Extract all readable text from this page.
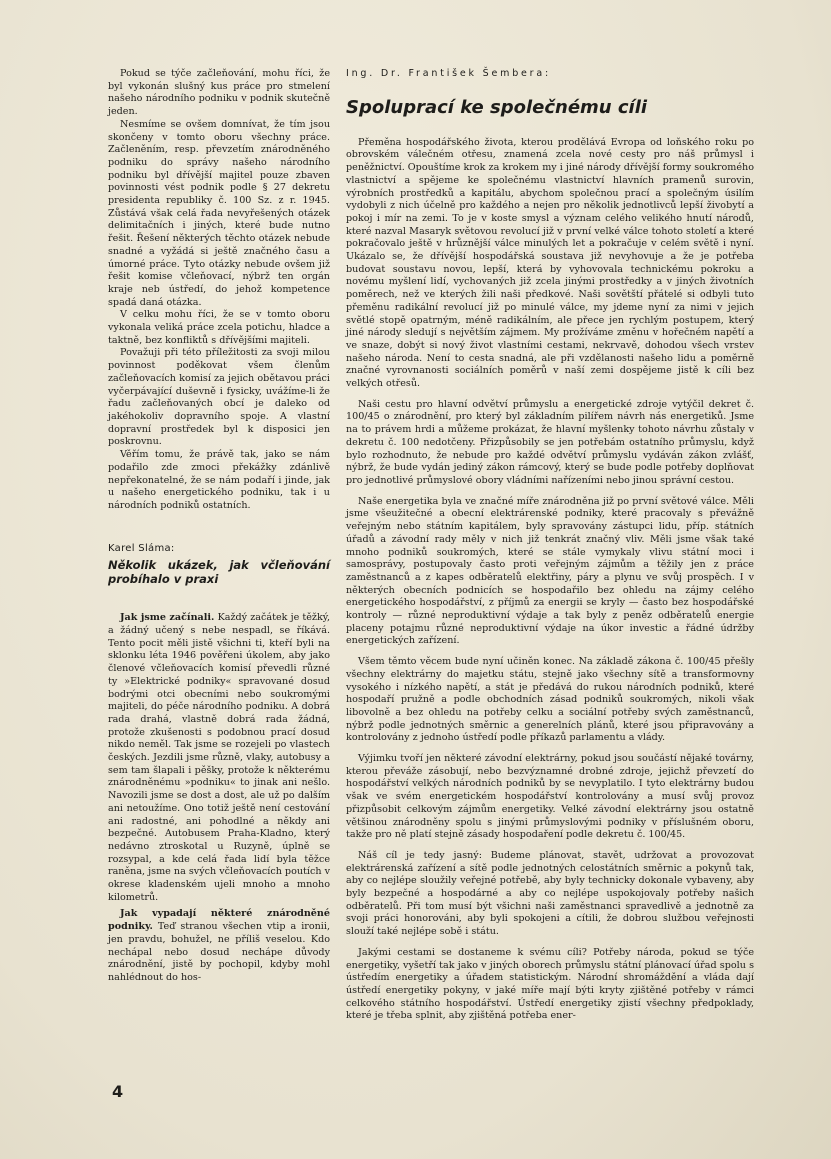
Pokud se týče začleňování, mohu říci, že byl vykonán slušný kus práce pro stmelení našeho národního podniku v podnik skutečně jeden.

Nesmíme se ovšem domnívat, že tím jsou skončeny v tomto oboru všechny práce. Začleněním, resp. převzetím znárodněného podniku do správy našeho národního podniku byl dřívější majitel pouze zbaven povinnosti vést podnik podle § 27 dekretu presidenta republiky č. 100 Sz. z r. 1945. Zůstává však celá řada nevyřešených otázek delimitačních i jiných, které bude nutno řešit. Řešení některých těchto otázek nebude snadné a vyžádá si ještě značného času a úmorné práce. Tyto otázky nebude ovšem již řešit komise včleňovací, nýbrž ten orgán kraje neb ústředí, do jehož kompetence spadá daná otázka.

V celku mohu říci, že se v tomto oboru vykonala veliká práce zcela potichu, hladce a taktně, bez konfliktů s dřívějšími majiteli.

Považuji při této příležitosti za svoji milou povinnost poděkovat všem členům začleňovacích komisí za jejich obětavou práci vyčerpávající duševně i fysicky, uvážíme-li že řadu začleňovaných obcí je daleko od jakéhokoliv dopravního spoje. A vlastní dopravní prostředek byl k disposici jen poskrovnu.

Věřím tomu, že právě tak, jako se nám podařilo zde zmoci překážky zdánlivě nepřekonatelné, že se nám podaří i jinde, jak u našeho energetického podniku, tak i u národních podniků ostatních.

Karel Sláma:
Několik ukázek, jak včleňování probíhalo v praxi

Jak jsme začínali. Každý začátek je těžký, a žádný učený s nebe nespadl, se říkává. Tento pocit měli jistě všichni ti, kteří byli na sklonku léta 1946 pověřeni úkolem, aby jako členové včleňovacích komisí převedli různé ty »Elektrické podniky« spravované dosud bodrými otci obecními nebo soukromými majiteli, do péče národního podniku. A dobrá rada drahá, vlastně dobrá rada žádná, protože zkušenosti s podobnou prací dosud nikdo neměl. Tak jsme se rozejeli po vlastech českých. Jezdili jsme různě, vlaky, autobusy a sem tam šlapali i pěšky, protože k některému znárodněnému »podniku« to jinak ani nešlo. Navozili jsme se dost a dost, ale už po dalším ani netoužíme. Ono totiž ještě není cestování ani radostné, ani pohodlné a někdy ani bezpečné. Autobusem Praha-Kladno, který nedávno ztroskotal u Ruzyně, úplně se rozsypal, a kde celá řada lidí byla těžce raněna, jsme na svých včleňovacích poutích v okrese kladenském ujeli mnoho a mnoho kilometrů.

Jak vypadají některé znárodněné podniky. Teď stranou všechen vtip a ironii, jen pravdu, bohužel, ne příliš veselou. Kdo nechápal nebo dosud nechápe důvody znárodnění, jistě by pochopil, kdyby mohl nahlédnout do hos-

Ing. Dr. František Šembera:
Spoluprací ke společnému cíli

Přeměna hospodářského života, kterou prodělává Evropa od loňského roku po obrovském válečném otřesu, znamená zcela nové cesty pro náš průmysl i peněžnictví. Opouštíme krok za krokem my i jiné národy dřívější formy soukromého vlastnictví a spějeme ke společnému vlastnictví hlavních pramenů surovin, výrobních prostředků a kapitálu, abychom společnou prací a společným úsilím vydobyli z nich účelně pro každého a nejen pro několik jednotlivců lepší živobytí a pokoj i mír na zemi. To je v koste smysl a význam celého velikého hnutí národů, které nazval Masaryk světovou revolucí již v první velké válce tohoto století a které pokračovalo ještě v hrůznější válce minulých let a pokračuje v celém světě i nyní. Ukázalo se, že dřívější hospodářská soustava již nevyhovuje a že je potřeba budovat soustavu novou, lepší, která by vyhovovala technickému pokroku a novému myšlení lidí, vychovaných již zcela jinými prostředky a v jiných životních poměrech, než ve kterých žili naši předkové. Naši sovětští přátelé si odbyli tuto přeměnu radikální revolucí již po minulé válce, my jdeme nyní za nimi v jejich světlé stopě opatrným, méně radikálním, ale přece jen rychlým postupem, který jiné národy sledují s největším zájmem. My prožíváme změnu v hořečném napětí a ve snaze, dobýt si nový život vlastními cestami, nekrvavě, dohodou všech vrstev našeho národa. Není to cesta snadná, ale při vzdělanosti našeho lidu a poměrně značné vyrovnanosti sociálních poměrů v naší zemi dospějeme jistě k cíli bez velkých otřesů.

Naši cestu pro hlavní odvětví průmyslu a energetické zdroje vytýčil dekret č. 100/45 o znárodnění, pro který byl základním pilířem návrh nás energetiků. Jsme na to právem hrdi a můžeme prokázat, že hlavní myšlenky tohoto návrhu zůstaly v dekretu č. 100 nedotčeny. Přizpůsobily se jen potřebám ostatního průmyslu, když bylo rozhodnuto, že nebude pro každé odvětví průmyslu vydáván zákon zvlášť, nýbrž, že bude vydán jediný zákon rámcový, který se bude podle potřeby doplňovat pro jednotlivé průmyslové obory vládními nařízeními nebo jinou správní cestou.

Naše energetika byla ve značné míře znárodněna již po první světové válce. Měli jsme všeužitečné a obecní elektrárenské podniky, které pracovaly s převážně veřejným nebo státním kapitálem, byly spravovány zástupci lidu, příp. státních úřadů a závodní rady měly v nich již tenkrát značný vliv. Měli jsme však také mnoho podniků soukromých, které se stále vymykaly vlivu státní moci i samosprávy, postupovaly často proti veřejným zájmům a těžily jen z práce zaměstnanců a z kapes odběratelů elektřiny, páry a plynu ve svůj prospěch. I v některých obecních podnicích se hospodařilo bez ohledu na zájmy celého energetického hospodářství, z příjmů za energii se kryly — často bez hospodářské kontroly — různé neproduktivní výdaje a tak byly z peněz odběratelů energie placeny potajmu různé neproduktivní výdaje na úkor investic a řádné údržby energetických zařízení.

Všem těmto věcem bude nyní učiněn konec. Na základě zákona č. 100/45 přešly všechny elektrárny do majetku státu, stejně jako všechny sítě a transformovny vysokého i nízkého napětí, a stát je předává do rukou národních podniků, které hospodaří pružně a podle obchodních zásad podniků soukromých, nikoli však libovolně a bez ohledu na potřeby celku a sociální potřeby svých zaměstnanců, nýbrž podle jednotných směrnic a generelních plánů, které jsou připravovány a kontrolovány z jednoho ústředí podle příkazů parlamentu a vlády.

Výjimku tvoří jen některé závodní elektrárny, pokud jsou součástí nějaké továrny, kterou převáže zásobují, nebo bezvýznamné drobné zdroje, jejichž převzetí do hospodářství velkých národních podniků by se nevyplatilo. I tyto elektrárny budou však ve svém energetickém hospodářství kontrolovány a musí svůj provoz přizpůsobit celkovým zájmům energetiky. Velké závodní elektrárny jsou ostatně většinou znárodněny spolu s jinými průmyslovými podniky v příslušném oboru, takže pro ně platí stejně zásady hospodaření podle dekretu č. 100/45.

Náš cíl je tedy jasný: Budeme plánovat, stavět, udržovat a provozovat elektrárenská zařízení a sítě podle jednotných celostátních směrnic a pokynů tak, aby co nejlépe sloužily veřejné potřebě, aby byly technicky dokonale vybaveny, aby byly bezpečné a hospodárné a aby co nejlépe uspokojovaly potřeby našich odběratelů. Při tom musí být všichni naši zaměstnanci spravedlivě a jednotně za svoji práci honorováni, aby byli spokojeni a cítili, že dobrou službou veřejnosti slouží také nejlépe sobě i státu.

Jakými cestami se dostaneme k svému cíli? Potřeby národa, pokud se týče energetiky, vyšetří tak jako v jiných oborech průmyslu státní plánovací úřad spolu s ústředím energetiky a úřadem statistickým. Národní shromáždění a vláda dají ústředí energetiky pokyny, v jaké míře mají býti kryty zjištěné potřeby v rámci celkového státního hospodářství. Ústředí energetiky zjistí všechny předpoklady, které je třeba splnit, aby zjištěná potřeba ener-

4
